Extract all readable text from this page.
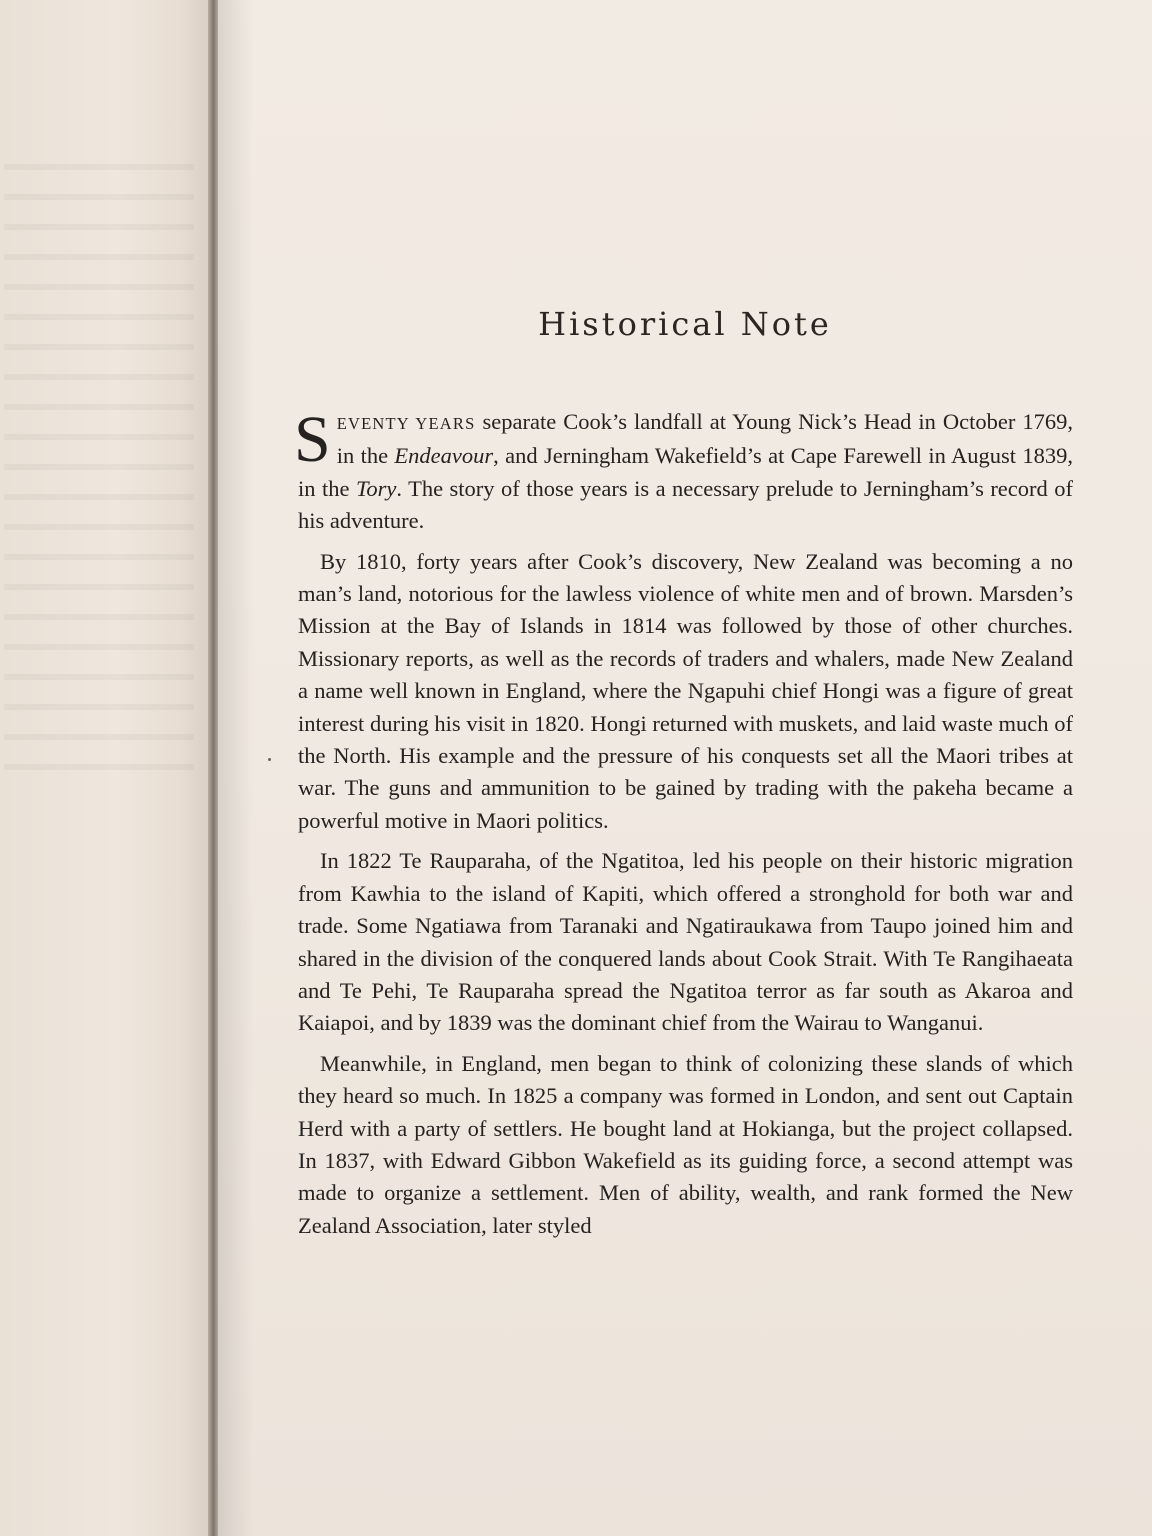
Historical Note

SEVENTY YEARS separate Cook’s landfall at Young Nick’s Head in October 1769, in the Endeavour, and Jerningham Wakefield’s at Cape Farewell in August 1839, in the Tory. The story of those years is a necessary prelude to Jerningham’s record of his adventure.

By 1810, forty years after Cook’s discovery, New Zealand was becoming a no man’s land, notorious for the lawless violence of white men and of brown. Marsden’s Mission at the Bay of Islands in 1814 was followed by those of other churches. Missionary reports, as well as the records of traders and whalers, made New Zealand a name well known in England, where the Ngapuhi chief Hongi was a figure of great interest during his visit in 1820. Hongi returned with muskets, and laid waste much of the North. His example and the pressure of his conquests set all the Maori tribes at war. The guns and ammunition to be gained by trading with the pakeha became a powerful motive in Maori politics.

In 1822 Te Rauparaha, of the Ngatitoa, led his people on their historic migration from Kawhia to the island of Kapiti, which offered a stronghold for both war and trade. Some Ngatiawa from Taranaki and Ngatiraukawa from Taupo joined him and shared in the division of the conquered lands about Cook Strait. With Te Rangihaeata and Te Pehi, Te Rauparaha spread the Ngatitoa terror as far south as Akaroa and Kaiapoi, and by 1839 was the dominant chief from the Wairau to Wanganui.

Meanwhile, in England, men began to think of colonizing these slands of which they heard so much. In 1825 a company was formed in London, and sent out Captain Herd with a party of settlers. He bought land at Hokianga, but the project collapsed. In 1837, with Edward Gibbon Wakefield as its guiding force, a second attempt was made to organize a settlement. Men of ability, wealth, and rank formed the New Zealand Association, later styled
